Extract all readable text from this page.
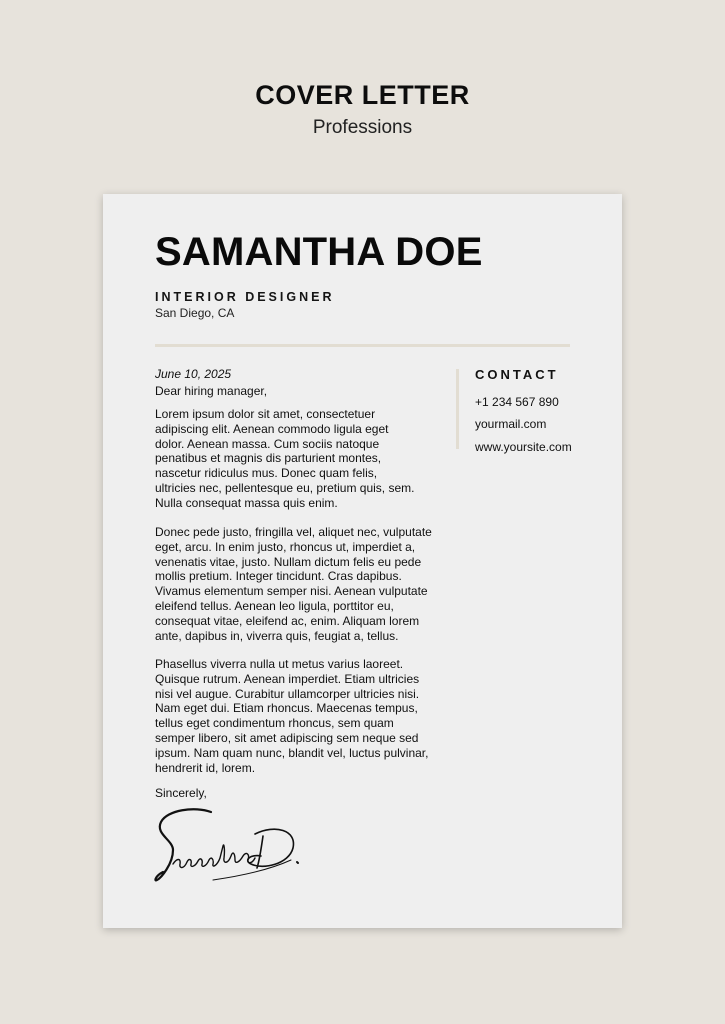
COVER LETTER
Professions
SAMANTHA DOE
INTERIOR DESIGNER
San Diego, CA
June 10, 2025
Dear hiring manager,
Lorem ipsum dolor sit amet, consectetuer
adipiscing elit. Aenean commodo ligula eget
dolor. Aenean massa. Cum sociis natoque
penatibus et magnis dis parturient montes,
nascetur ridiculus mus. Donec quam felis,
ultricies nec, pellentesque eu, pretium quis, sem.
Nulla consequat massa quis enim.
Donec pede justo, fringilla vel, aliquet nec, vulputate
eget, arcu. In enim justo, rhoncus ut, imperdiet a,
venenatis vitae, justo. Nullam dictum felis eu pede
mollis pretium. Integer tincidunt. Cras dapibus.
Vivamus elementum semper nisi. Aenean vulputate
eleifend tellus. Aenean leo ligula, porttitor eu,
consequat vitae, eleifend ac, enim. Aliquam lorem
ante, dapibus in, viverra quis, feugiat a, tellus.
Phasellus viverra nulla ut metus varius laoreet.
Quisque rutrum. Aenean imperdiet. Etiam ultricies
nisi vel augue. Curabitur ullamcorper ultricies nisi.
Nam eget dui. Etiam rhoncus. Maecenas tempus,
tellus eget condimentum rhoncus, sem quam
semper libero, sit amet adipiscing sem neque sed
ipsum. Nam quam nunc, blandit vel, luctus pulvinar,
hendrerit id, lorem.
Sincerely,
CONTACT
+1 234 567 890
yourmail.com
www.yoursite.com
